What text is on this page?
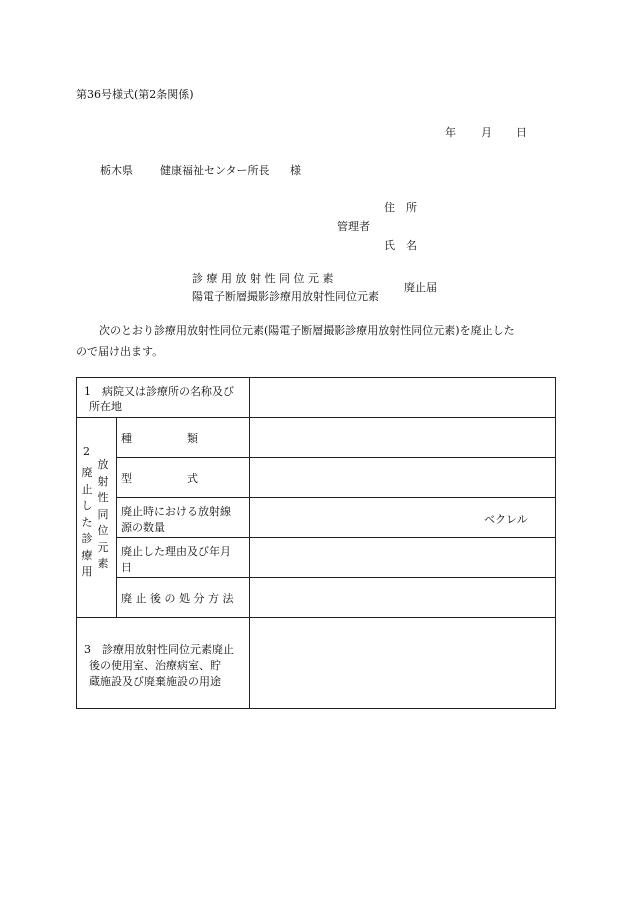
第36号様式(第2条関係)
年 月 日
栃木県 健康福祉センター所長 様
住　所
管理者
氏　名
診 療 用 放 射 性 同 位 元 素
陽電子断層撮影診療用放射性同位元素
廃止届
次のとおり診療用放射性同位元素(陽電子断層撮影診療用放射性同位元素)を廃止した
ので届け出ます。
1　病院又は診療所の名称及び
所在地
2
廃
止
し
た
診
療
用
放
射
性
同
位
元
素
種　　　　　類
型　　　　　式
廃止時における放射線
源の数量
ベクレル
廃止した理由及び年月
日
廃 止 後 の 処 分 方 法
3　診療用放射性同位元素廃止
後の使用室、治療病室、貯
蔵施設及び廃棄施設の用途
